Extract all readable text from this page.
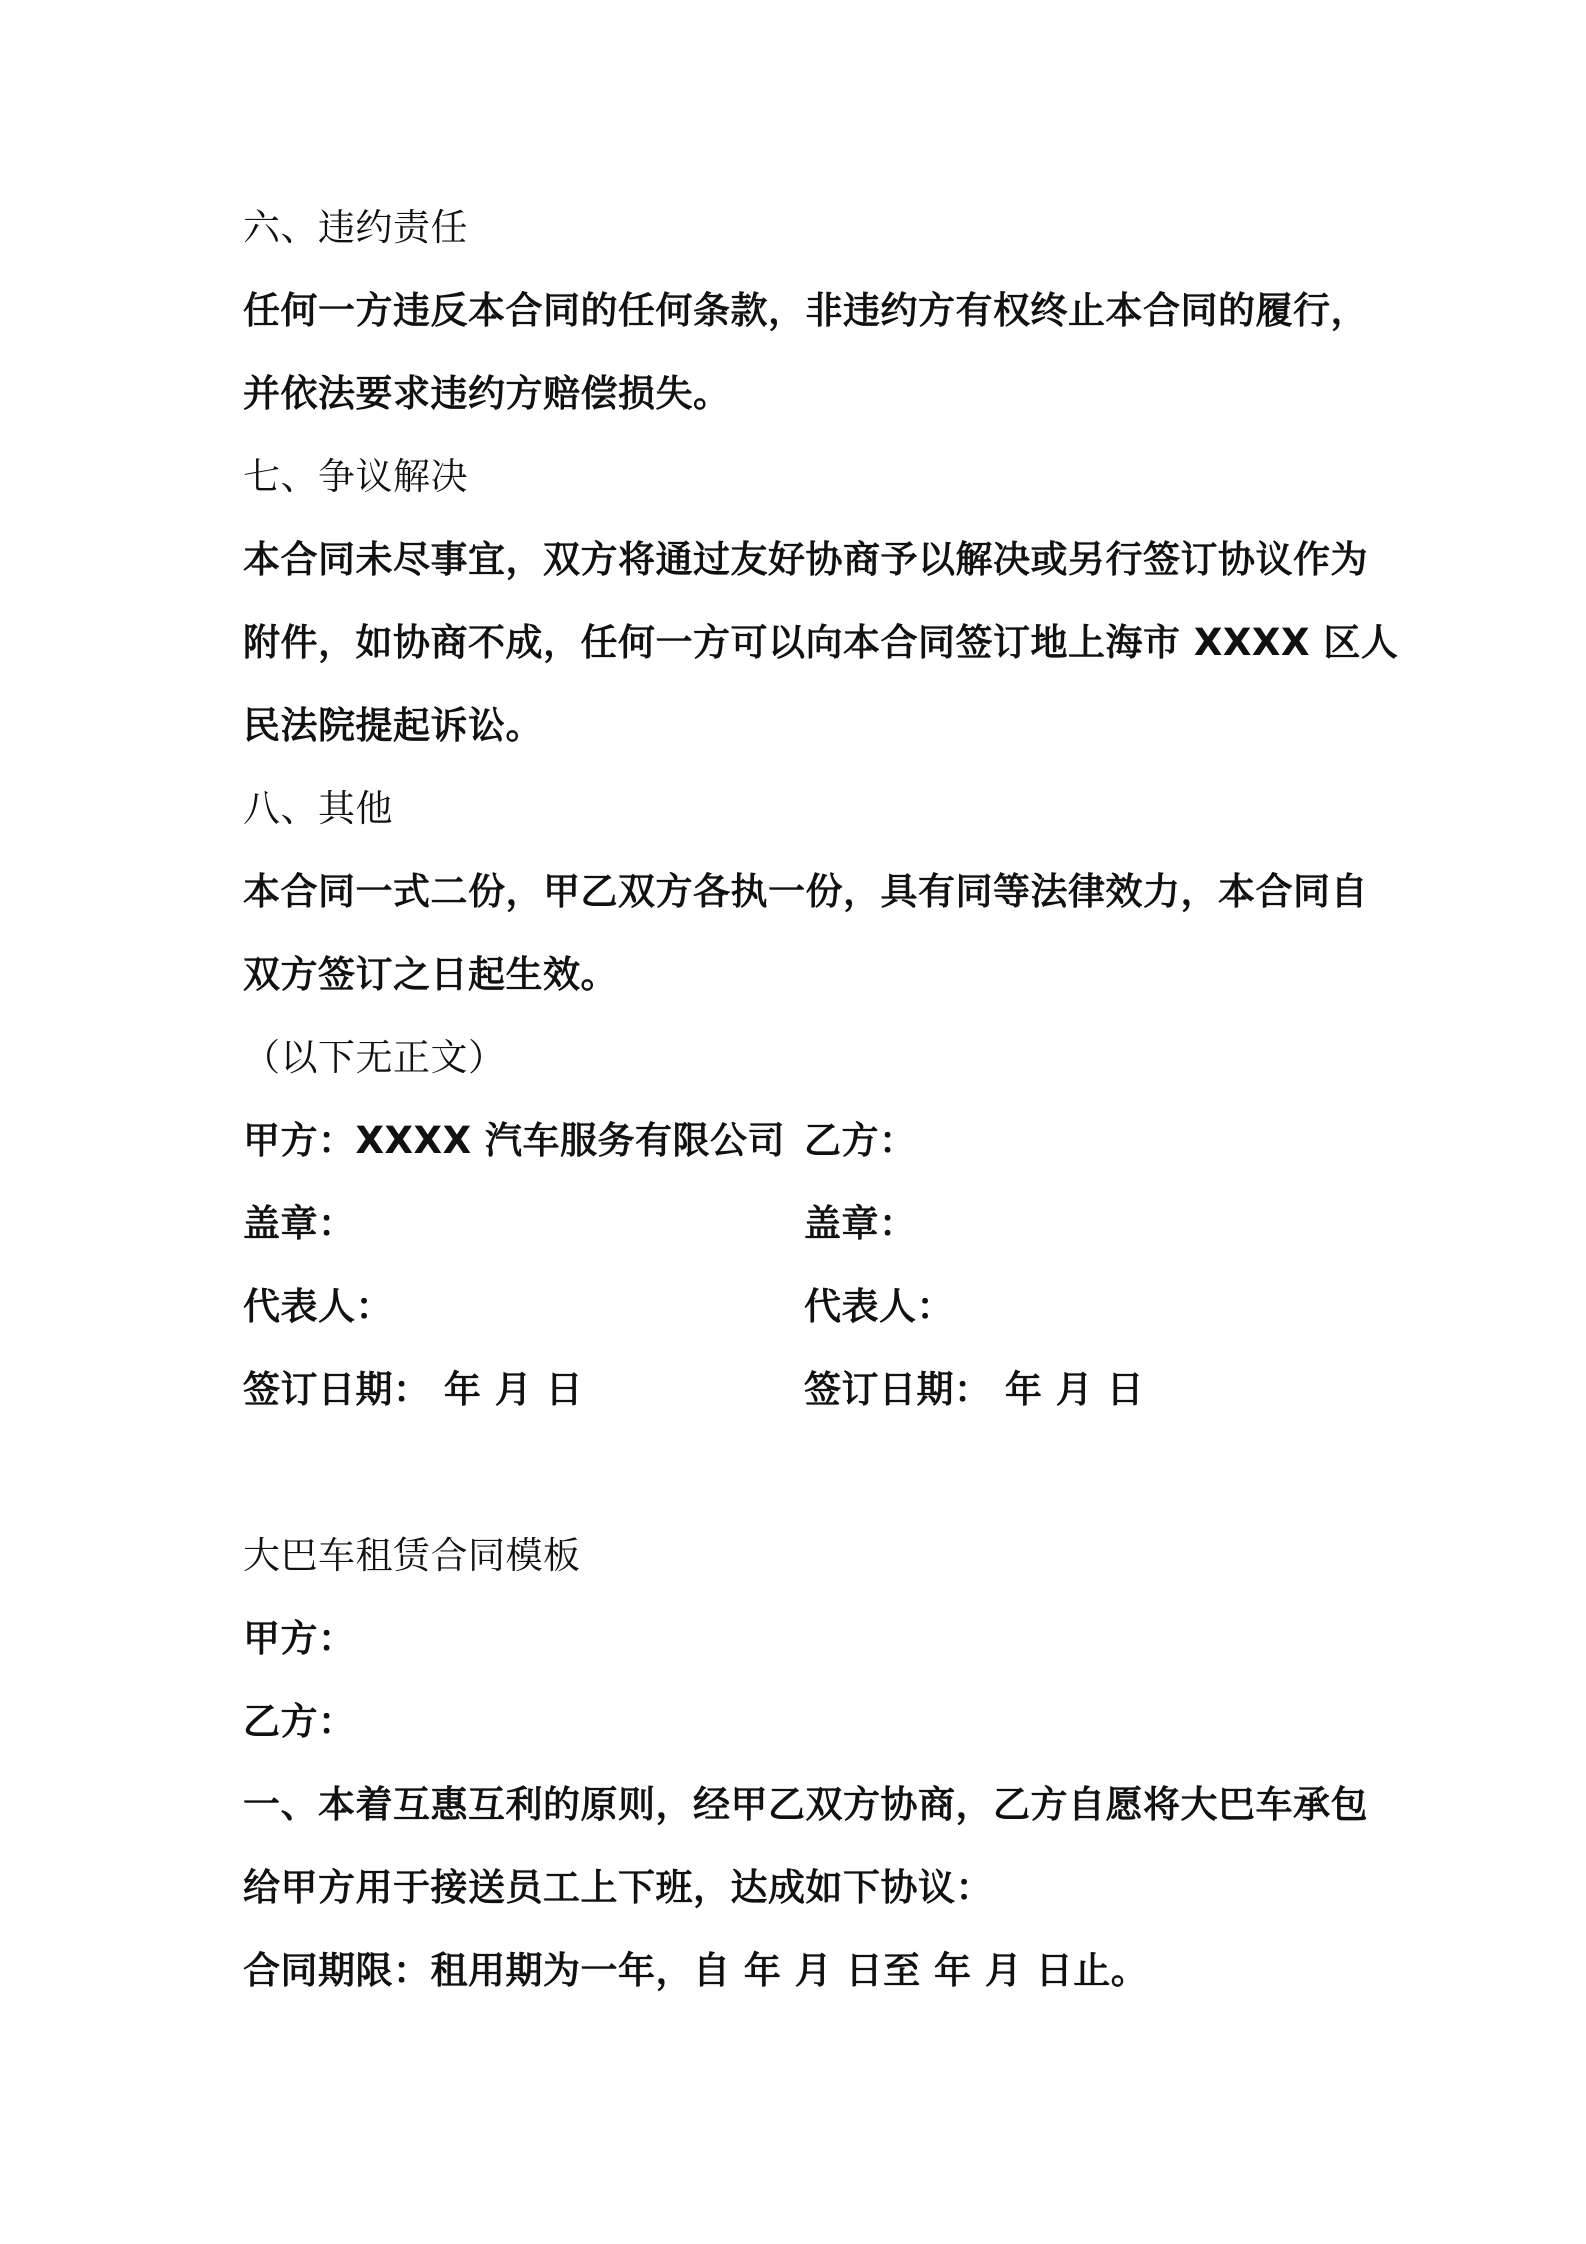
六、违约责任
任何一方违反本合同的任何条款，非违约方有权终止本合同的履行，
并依法要求违约方赔偿损失。
七、争议解决
本合同未尽事宜，双方将通过友好协商予以解决或另行签订协议作为
附件，如协商不成，任何一方可以向本合同签订地上海市 XXXX 区人
民法院提起诉讼。
八、其他
本合同一式二份，甲乙双方各执一份，具有同等法律效力，本合同自
双方签订之日起生效。
（以下无正文）
甲方：XXXX 汽车服务有限公司 乙方：
盖章：	盖章：
代表人：	代表人：
签订日期： 年 月 日	签订日期： 年 月 日
大巴车租赁合同模板
甲方：
乙方：
一、本着互惠互利的原则，经甲乙双方协商，乙方自愿将大巴车承包
给甲方用于接送员工上下班，达成如下协议：
合同期限：租用期为一年，自 年 月 日至 年 月 日止。
